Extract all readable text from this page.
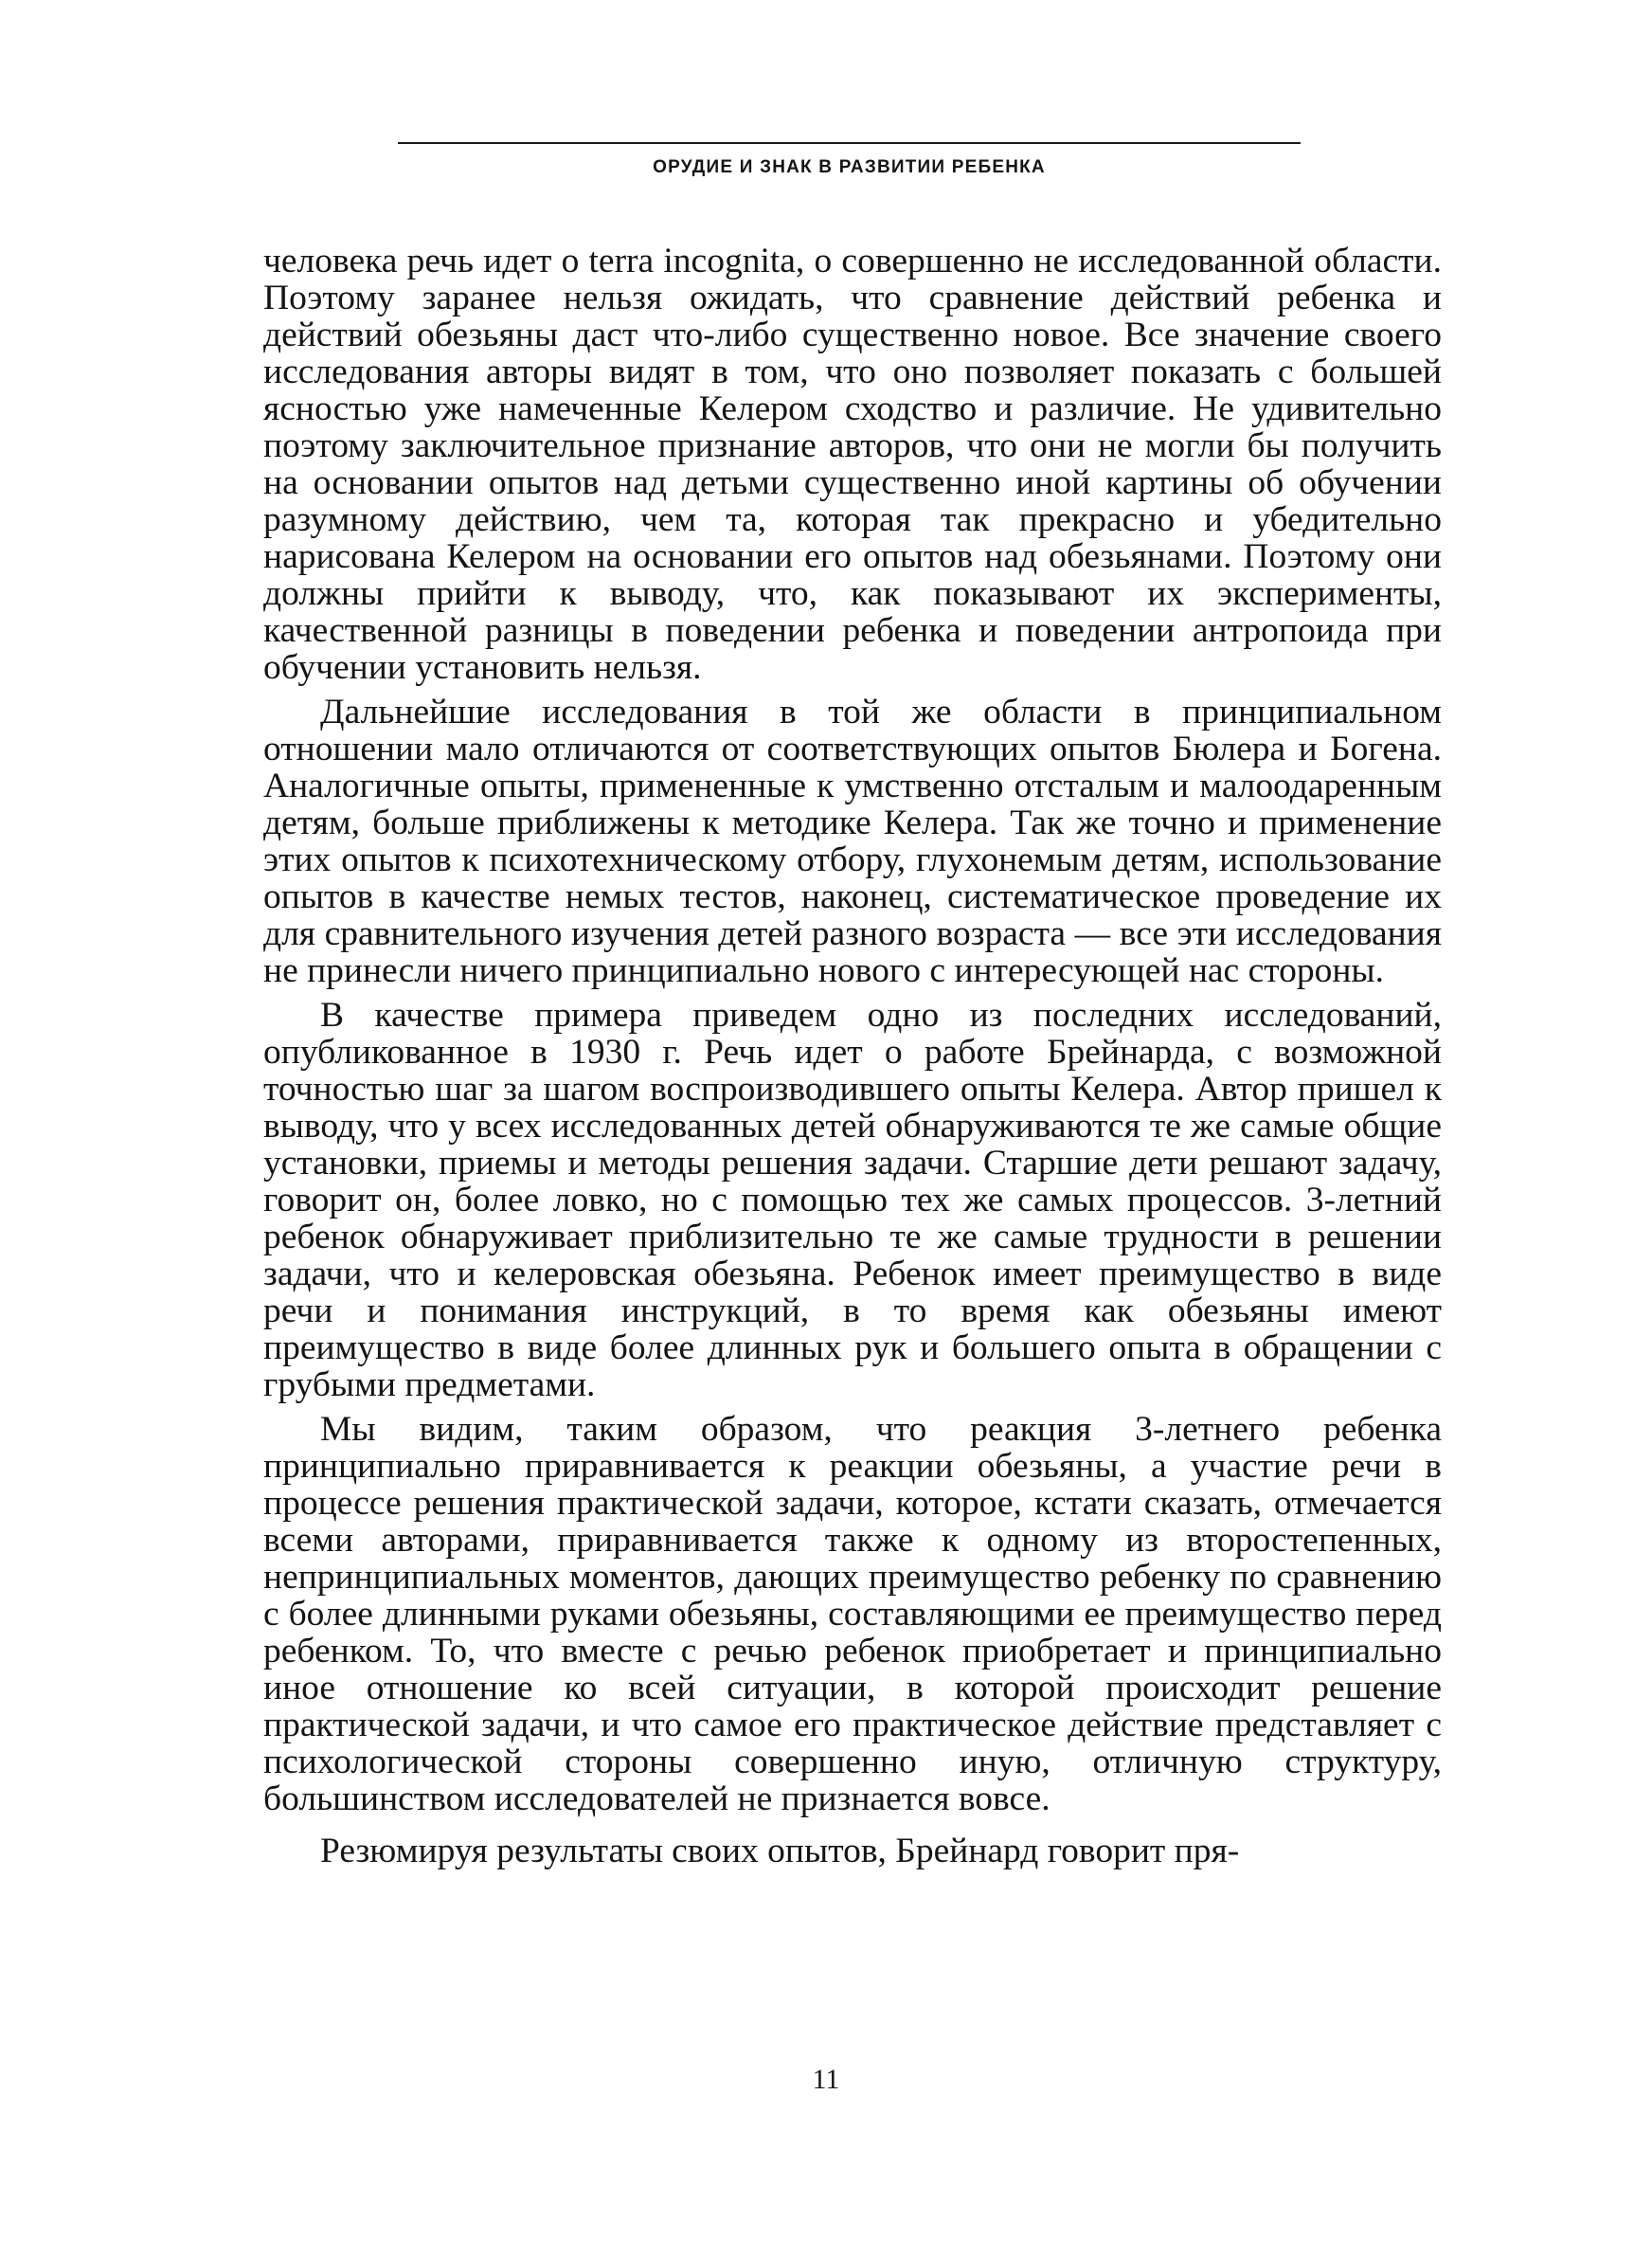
ОРУДИЕ И ЗНАК В РАЗВИТИИ РЕБЕНКА

человека речь идет о terra incognita, о совершенно не исследованной области. Поэтому заранее нельзя ожидать, что сравнение действий ребенка и действий обезьяны даст что-либо существенно новое. Все значение своего исследования авторы видят в том, что оно позволяет показать с большей ясностью уже намеченные Келером сходство и различие. Не удивительно поэтому заключительное признание авторов, что они не могли бы получить на основании опытов над детьми существенно иной картины об обучении разумному действию, чем та, которая так прекрасно и убедительно нарисована Келером на основании его опытов над обезьянами. Поэтому они должны прийти к выводу, что, как показывают их эксперименты, качественной разницы в поведении ребенка и поведении антропоида при обучении установить нельзя.

Дальнейшие исследования в той же области в принципиальном отношении мало отличаются от соответствующих опытов Бюлера и Богена. Аналогичные опыты, примененные к умственно отсталым и малоодаренным детям, больше приближены к методике Келера. Так же точно и применение этих опытов к психотехническому отбору, глухонемым детям, использование опытов в качестве немых тестов, наконец, систематическое проведение их для сравнительного изучения детей разного возраста — все эти исследования не принесли ничего принципиально нового с интересующей нас стороны.

В качестве примера приведем одно из последних исследований, опубликованное в 1930 г. Речь идет о работе Брейнарда, с возможной точностью шаг за шагом воспроизводившего опыты Келера. Автор пришел к выводу, что у всех исследованных детей обнаруживаются те же самые общие установки, приемы и методы решения задачи. Старшие дети решают задачу, говорит он, более ловко, но с помощью тех же самых процессов. 3-летний ребенок обнаруживает приблизительно те же самые трудности в решении задачи, что и келеровская обезьяна. Ребенок имеет преимущество в виде речи и понимания инструкций, в то время как обезьяны имеют преимущество в виде более длинных рук и большего опыта в обращении с грубыми предметами.

Мы видим, таким образом, что реакция 3-летнего ребенка принципиально приравнивается к реакции обезьяны, а участие речи в процессе решения практической задачи, которое, кстати сказать, отмечается всеми авторами, приравнивается также к одному из второстепенных, непринципиальных моментов, дающих преимущество ребенку по сравнению с более длинными руками обезьяны, составляющими ее преимущество перед ребенком. То, что вместе с речью ребенок приобретает и принципиально иное отношение ко всей ситуации, в которой происходит решение практической задачи, и что самое его практическое действие представляет с психологической стороны совершенно иную, отличную структуру, большинством исследователей не признается вовсе.

Резюмируя результаты своих опытов, Брейнард говорит пря-

11
